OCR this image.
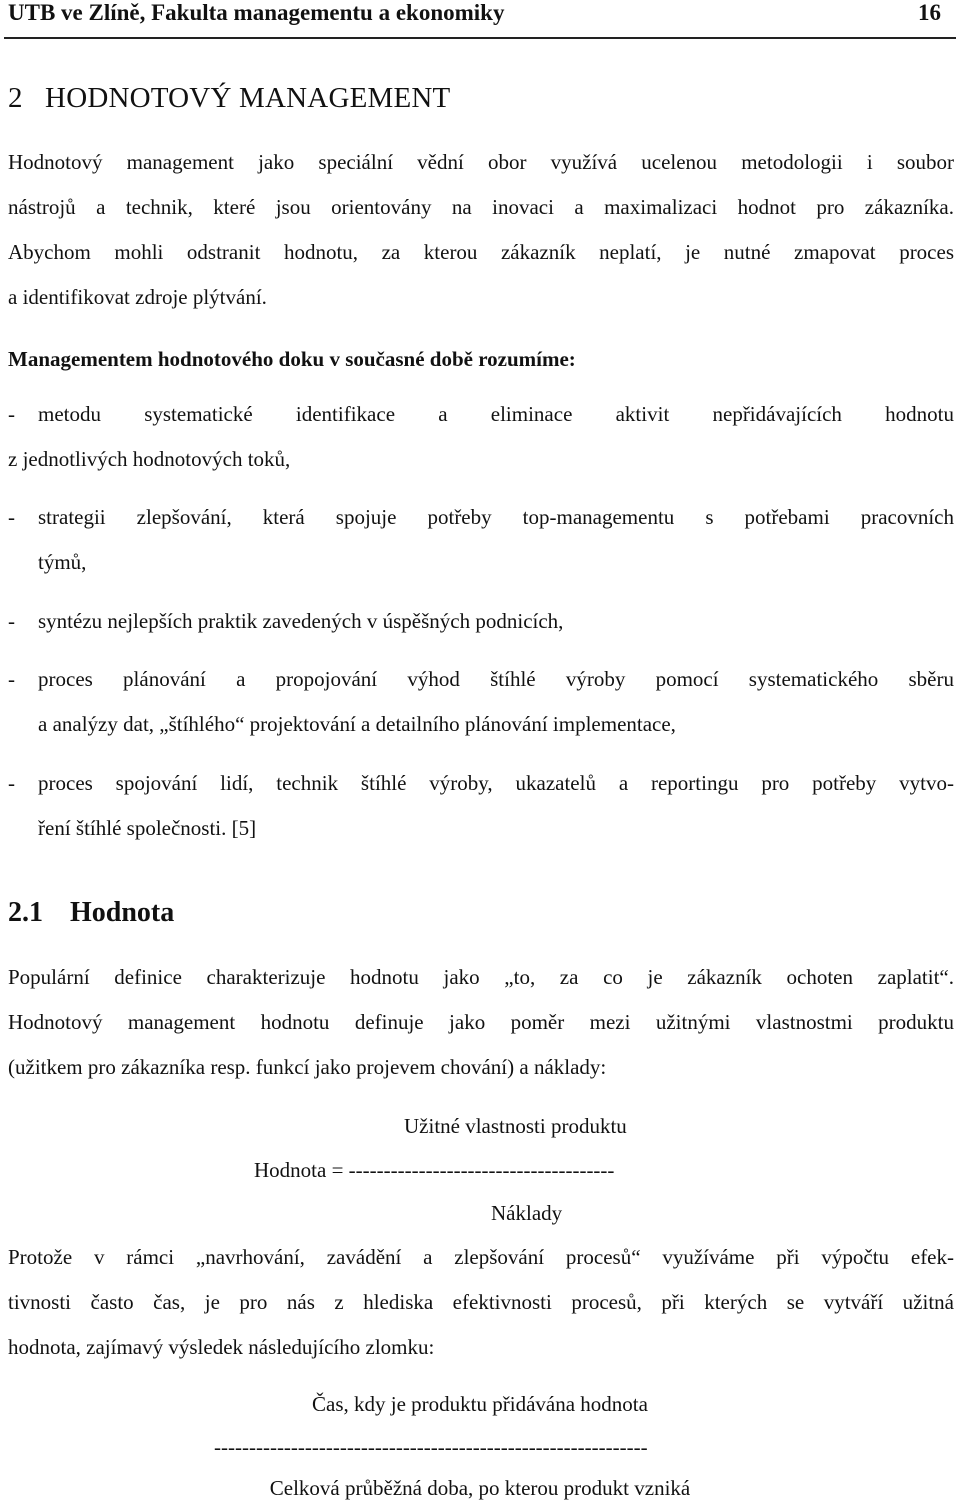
UTB ve Zlíně, Fakulta managementu a ekonomiky	16
2   HODNOTOVÝ MANAGEMENT
Hodnotový management jako speciální vědní obor využívá ucelenou metodologii i soubor
nástrojů a technik, které jsou orientovány na inovaci a maximalizaci hodnot pro zákazníka.
Abychom mohli odstranit hodnotu, za kterou zákazník neplatí, je nutné zmapovat proces
a identifikovat zdroje plýtvání.
Managementem hodnotového doku v současné době rozumíme:
- metodu systematické identifikace a eliminace aktivit nepřidávajících hodnotu
z jednotlivých hodnotových toků,
- strategii zlepšování, která spojuje potřeby top-managementu s potřebami pracovních
týmů,
- syntézu nejlepších praktik zavedených v úspěšných podnicích,
- proces plánování a propojování výhod štíhlé výroby pomocí systematického sběru
a analýzy dat, „štíhlého“ projektování a detailního plánování implementace,
- proces spojování lidí, technik štíhlé výroby, ukazatelů a reportingu pro potřeby vytvo-
ření štíhlé společnosti. [5]
2.1 Hodnota
Populární definice charakterizuje hodnotu jako „to, za co je zákazník ochoten zaplatit“.
Hodnotový management hodnotu definuje jako poměr mezi užitnými vlastnostmi produktu
(užitkem pro zákazníka resp. funkcí jako projevem chování) a náklady:
Užitné vlastnosti produktu
Hodnota = --------------------------------------
Náklady
Protože v rámci „navrhování, zavádění a zlepšování procesů“ využíváme při výpočtu efek-
tivnosti často čas, je pro nás z hlediska efektivnosti procesů, při kterých se vytváří užitná
hodnota, zajímavý výsledek následujícího zlomku:
Čas, kdy je produktu přidávána hodnota
--------------------------------------------------------------
Celková průběžná doba, po kterou produkt vzniká
